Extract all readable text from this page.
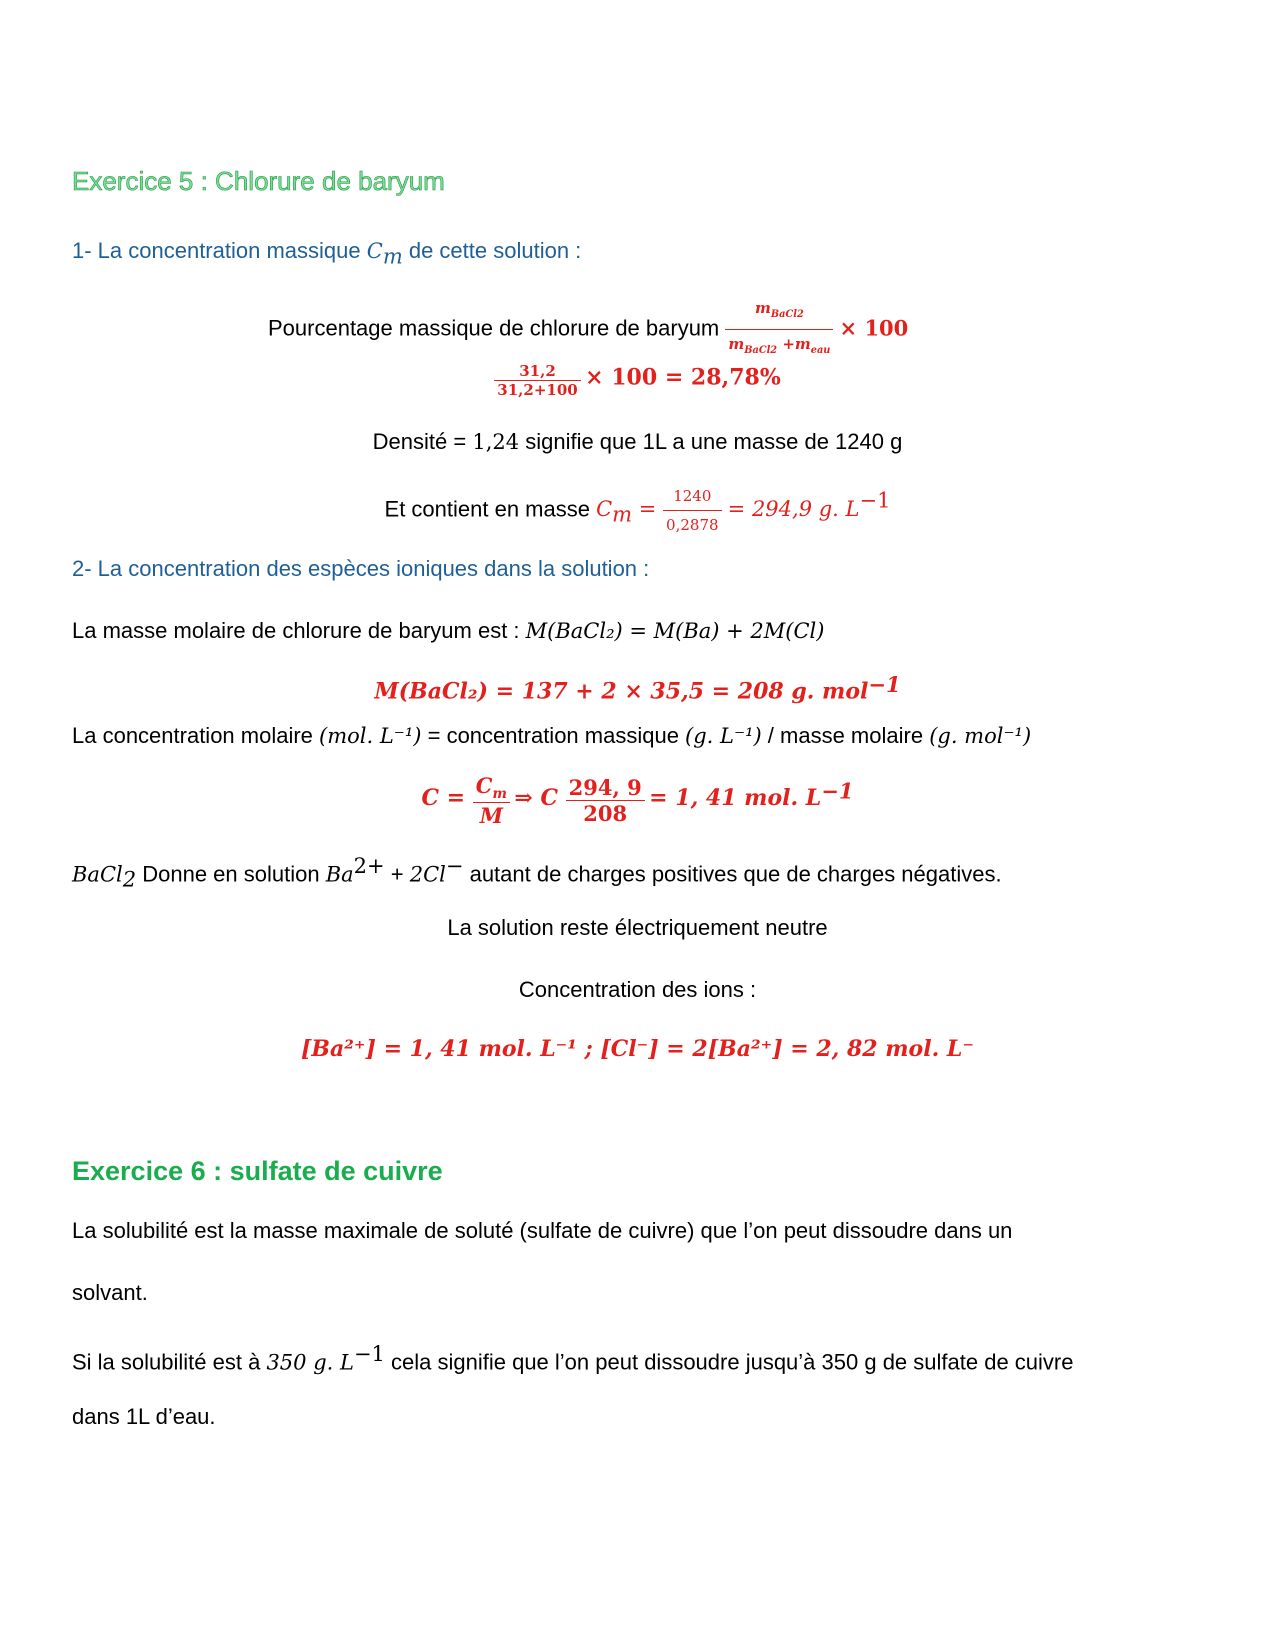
Exercice 5 : Chlorure de baryum
1- La concentration massique $C_m$ de cette solution :
Pourcentage massique de chlorure de baryum $\frac{m_{BaCl2}}{m_{BaCl2} +m_{eau}} \times 100$
$\frac{31,2}{31,2+100} \times 100 = 28,78\%$
Densité = 1,24 signifie que 1L a une masse de 1240 g
Et contient en masse $C_m = \frac{1240}{0,2878} = 294,9$ g. $L^{-1}$
2- La concentration des espèces ioniques dans la solution :
La masse molaire de chlorure de baryum est : M(BaCl₂) = M(Ba) + 2M(Cl)
M(BaCl₂) = 137 + 2 × 35,5 = 208 g. mol$^{-1}$
La concentration molaire (mol. L⁻¹) = concentration massique (g. L⁻¹) / masse molaire (g. mol⁻¹)
$C = \frac{C_m}{M}$ ⇒ C $\frac{294, 9}{208} = 1$, 41 mol. $L^{-1}$
BaCl$_2$ Donne en solution $Ba^{2+} + 2Cl^-$ autant de charges positives que de charges négatives.
La solution reste électriquement neutre
Concentration des ions :
[Ba²⁺] = 1, 41 mol. L⁻¹ ; [Cl⁻] = 2[Ba²⁺] = 2, 82 mol. L⁻
Exercice 6 : sulfate de cuivre
La solubilité est la masse maximale de soluté (sulfate de cuivre) que l’on peut dissoudre dans un
solvant.
Si la solubilité est à 350 g. $L^{-1}$ cela signifie que l’on peut dissoudre jusqu’à 350 g de sulfate de cuivre
dans 1L d’eau.
